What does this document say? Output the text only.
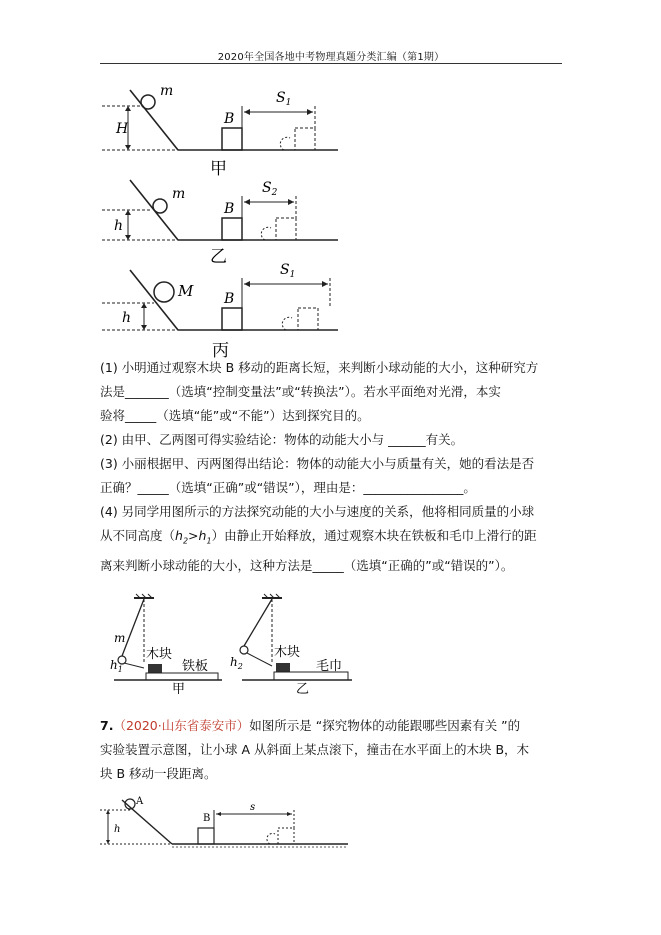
2020年全国各地中考物理真题分类汇编（第1期）
H
m
B
$S_1$
甲
h
m
B
$S_2$
乙
h
M B
$S_1$
丙

(1) 小明通过观察木块 B 移动的距离长短，来判断小球动能的大小，这种研究方

法是_______（选填“控制变量法”或“转换法”）。若水平面绝对光滑，本实

验将_____（选填“能”或“不能”）达到探究目的。

(2) 由甲、乙两图可得实验结论：物体的动能大小与 ______有关。

(3) 小丽根据甲、丙两图得出结论：物体的动能大小与质量有关，她的看法是否

正确？_____（选填“正确”或“错误”），理由是：________________。

(4) 另同学用图所示的方法探究动能的大小与速度的关系，他将相同质量的小球

从不同高度$(h_2>h_1)$由静止开始释放，通过观察木块在铁板和毛巾上滑行的距

离来判断小球动能的大小，这种方法是_____（选填“正确的”或“错误的”）。

m
$h_1$
木块
铁板
甲
$h_2$
木块
毛巾
乙

7.（2020·山东省泰安市）如图所示是 “探究物体的动能跟哪些因素有关 ”的

实验装置示意图，让小球 A 从斜面上某点滚下，撞击在水平面上的木块 B，木

块 B 移动一段距离。

A
h
B
s
